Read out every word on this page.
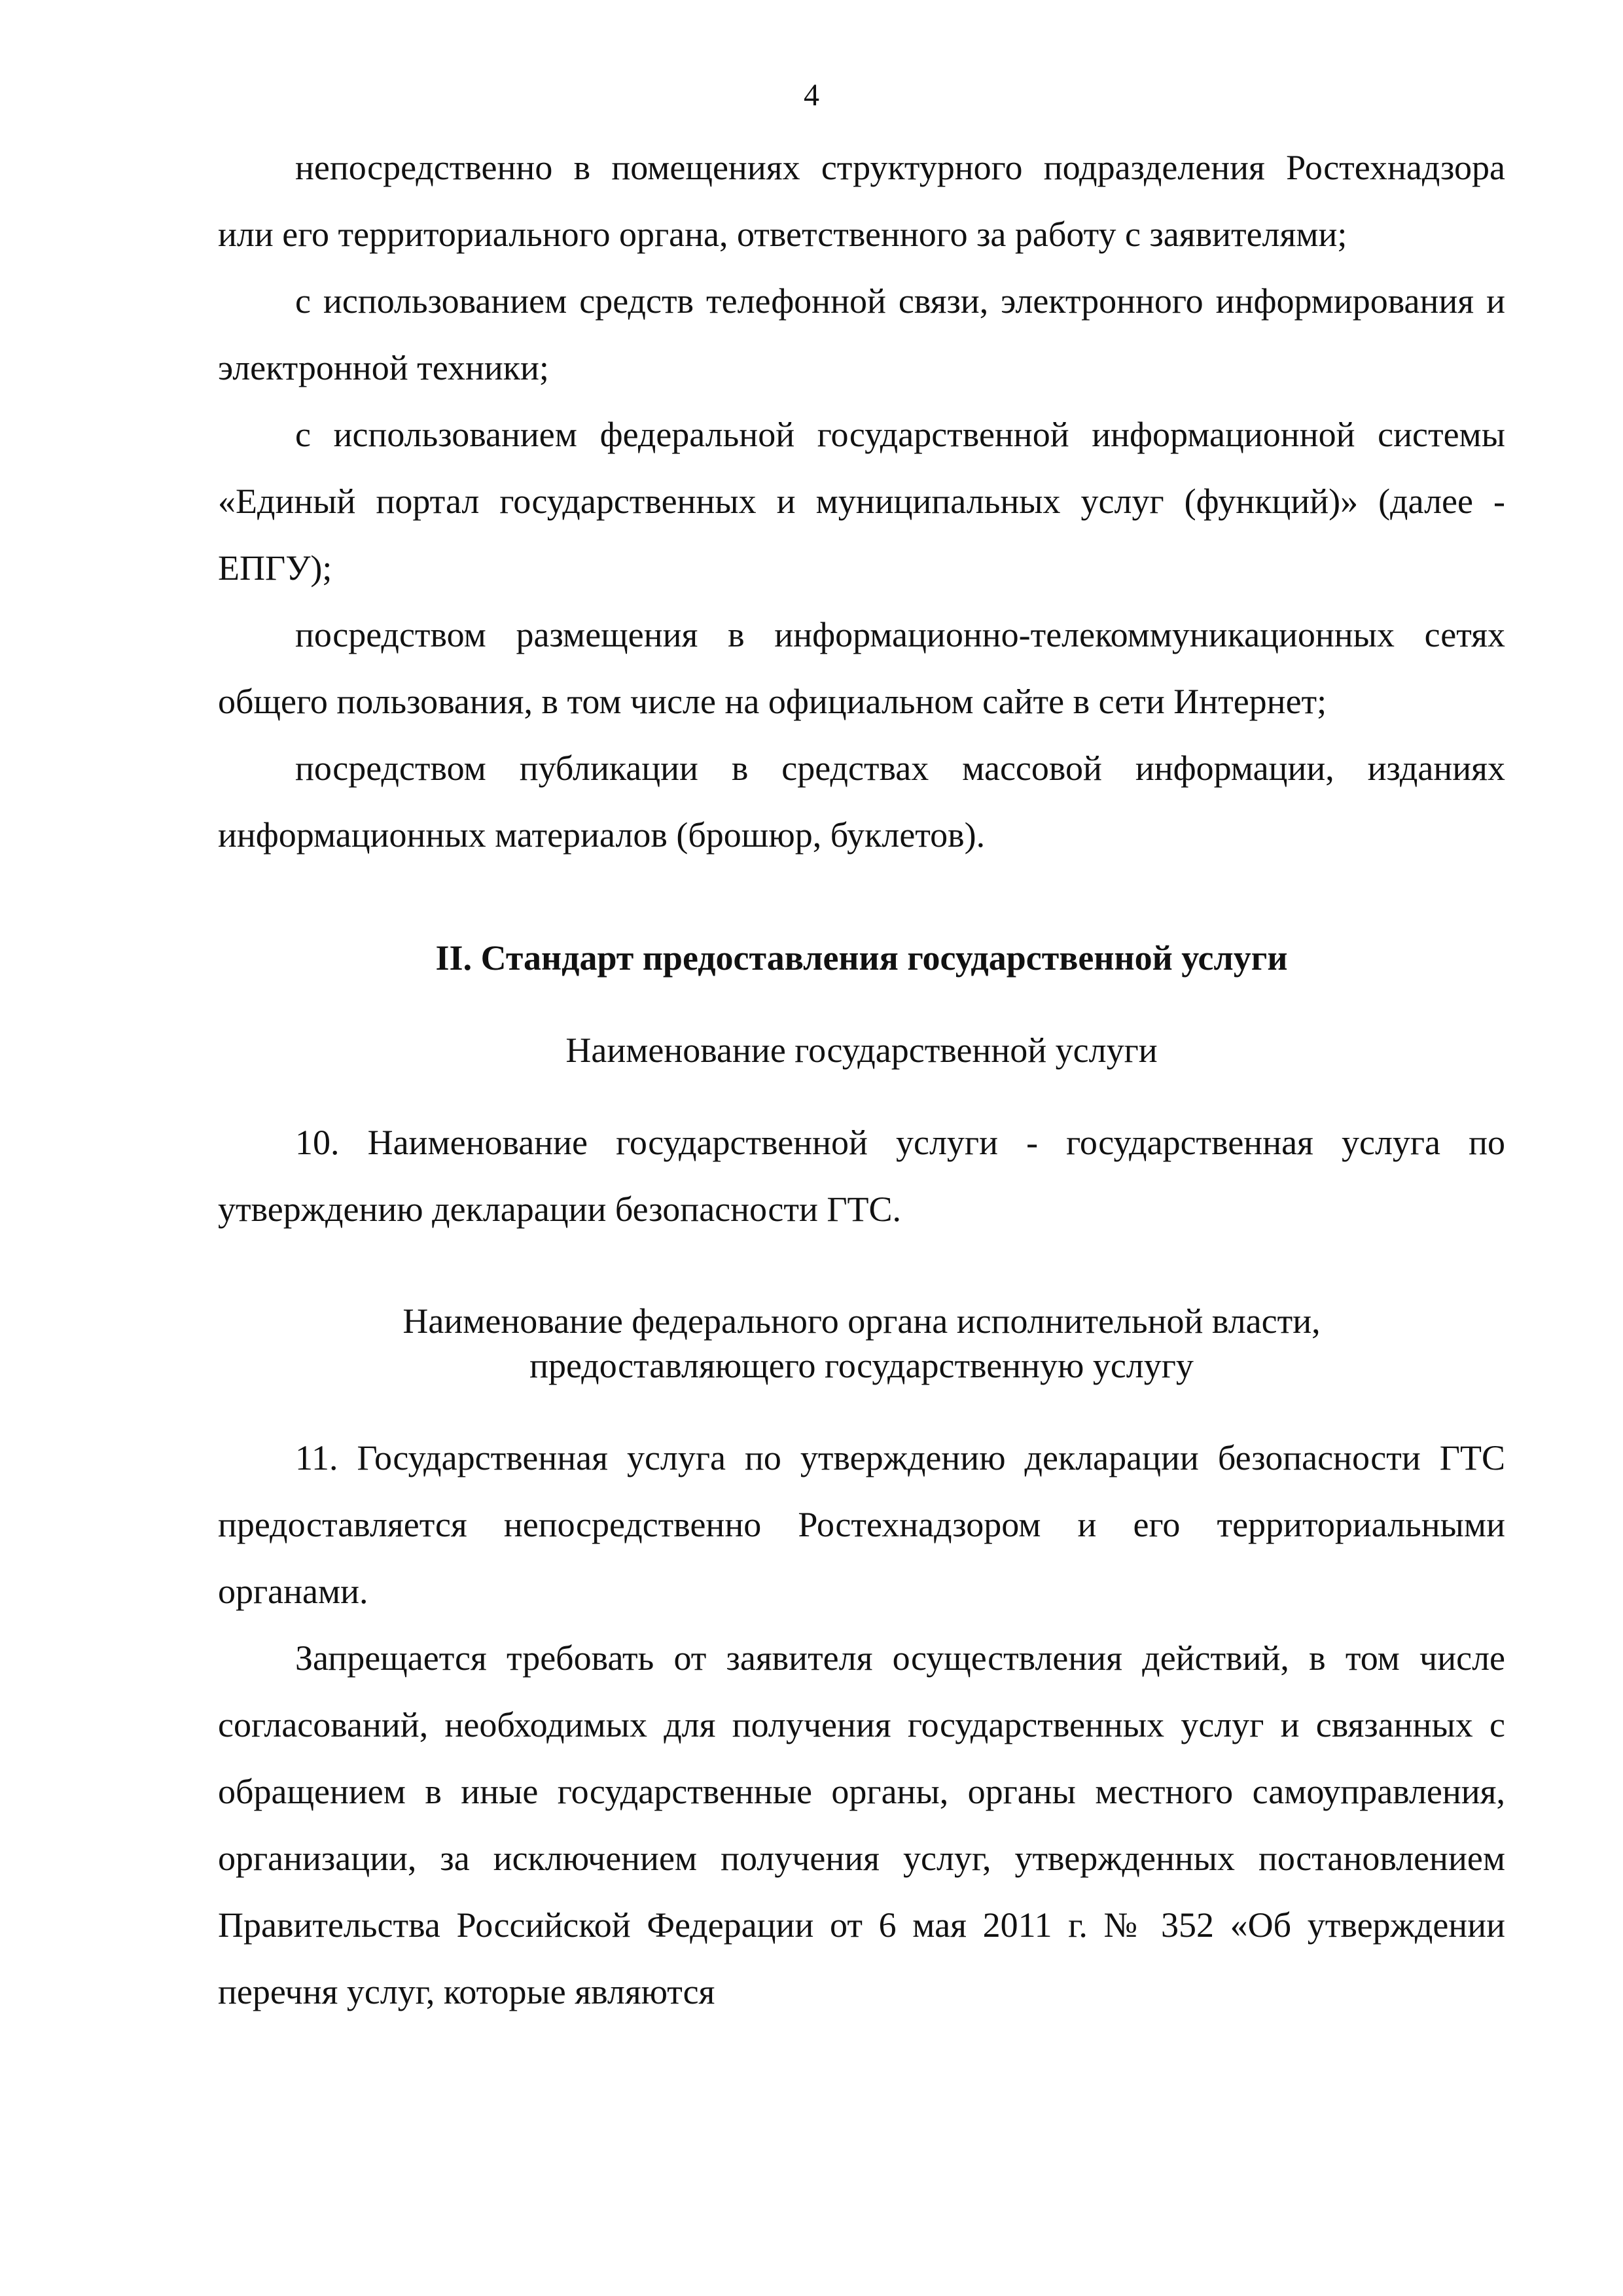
4

непосредственно в помещениях структурного подразделения Ростехнадзора или его территориального органа, ответственного за работу с заявителями;

с использованием средств телефонной связи, электронного информирования и электронной техники;

с использованием федеральной государственной информационной системы «Единый портал государственных и муниципальных услуг (функций)» (далее - ЕПГУ);

посредством размещения в информационно-телекоммуникационных сетях общего пользования, в том числе на официальном сайте в сети Интернет;

посредством публикации в средствах массовой информации, изданиях информационных материалов (брошюр, буклетов).

II. Стандарт предоставления государственной услуги

Наименование государственной услуги

10. Наименование государственной услуги - государственная услуга по утверждению декларации безопасности ГТС.

Наименование федерального органа исполнительной власти,

предоставляющего государственную услугу

11. Государственная услуга по утверждению декларации безопасности ГТС предоставляется непосредственно Ростехнадзором и его территориальными органами.

Запрещается требовать от заявителя осуществления действий, в том числе согласований, необходимых для получения государственных услуг и связанных с обращением в иные государственные органы, органы местного самоуправления, организации, за исключением получения услуг, утвержденных постановлением Правительства Российской Федерации от 6 мая 2011 г. № 352 «Об утверждении перечня услуг, которые являются
